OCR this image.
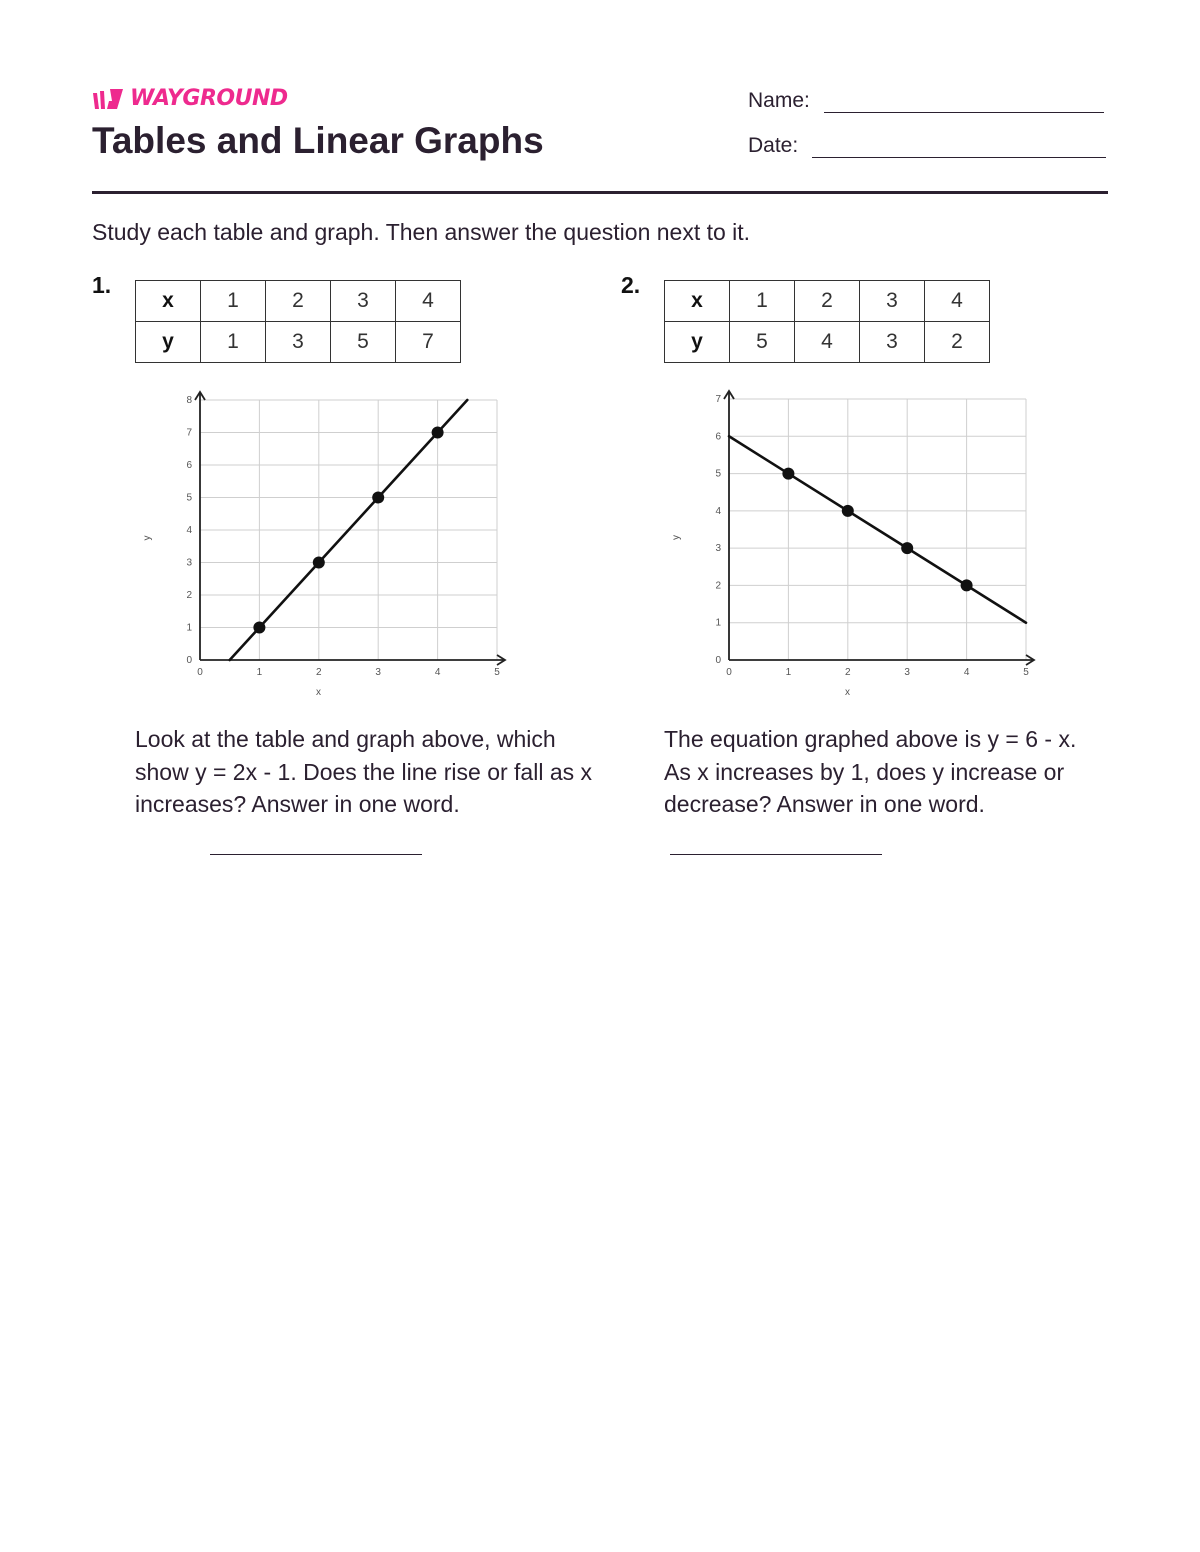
WAYGROUND
Tables and Linear Graphs
Name:
Date:

Study each table and graph. Then answer the question next to it.

1.
x	1	2	3	4
y	1	3	5	7
0	1	2	3	4	5
0
1
2
3
4
5
6
7
8
x
y

Look at the table and graph above, which show y = 2x - 1. Does the line rise or fall as x increases? Answer in one word.

2.
x	1	2	3	4
y	5	4	3	2
0	1	2	3	4	5
0
1
2
3
4
5
6
7
x
y

The equation graphed above is y = 6 - x. As x increases by 1, does y increase or decrease? Answer in one word.
